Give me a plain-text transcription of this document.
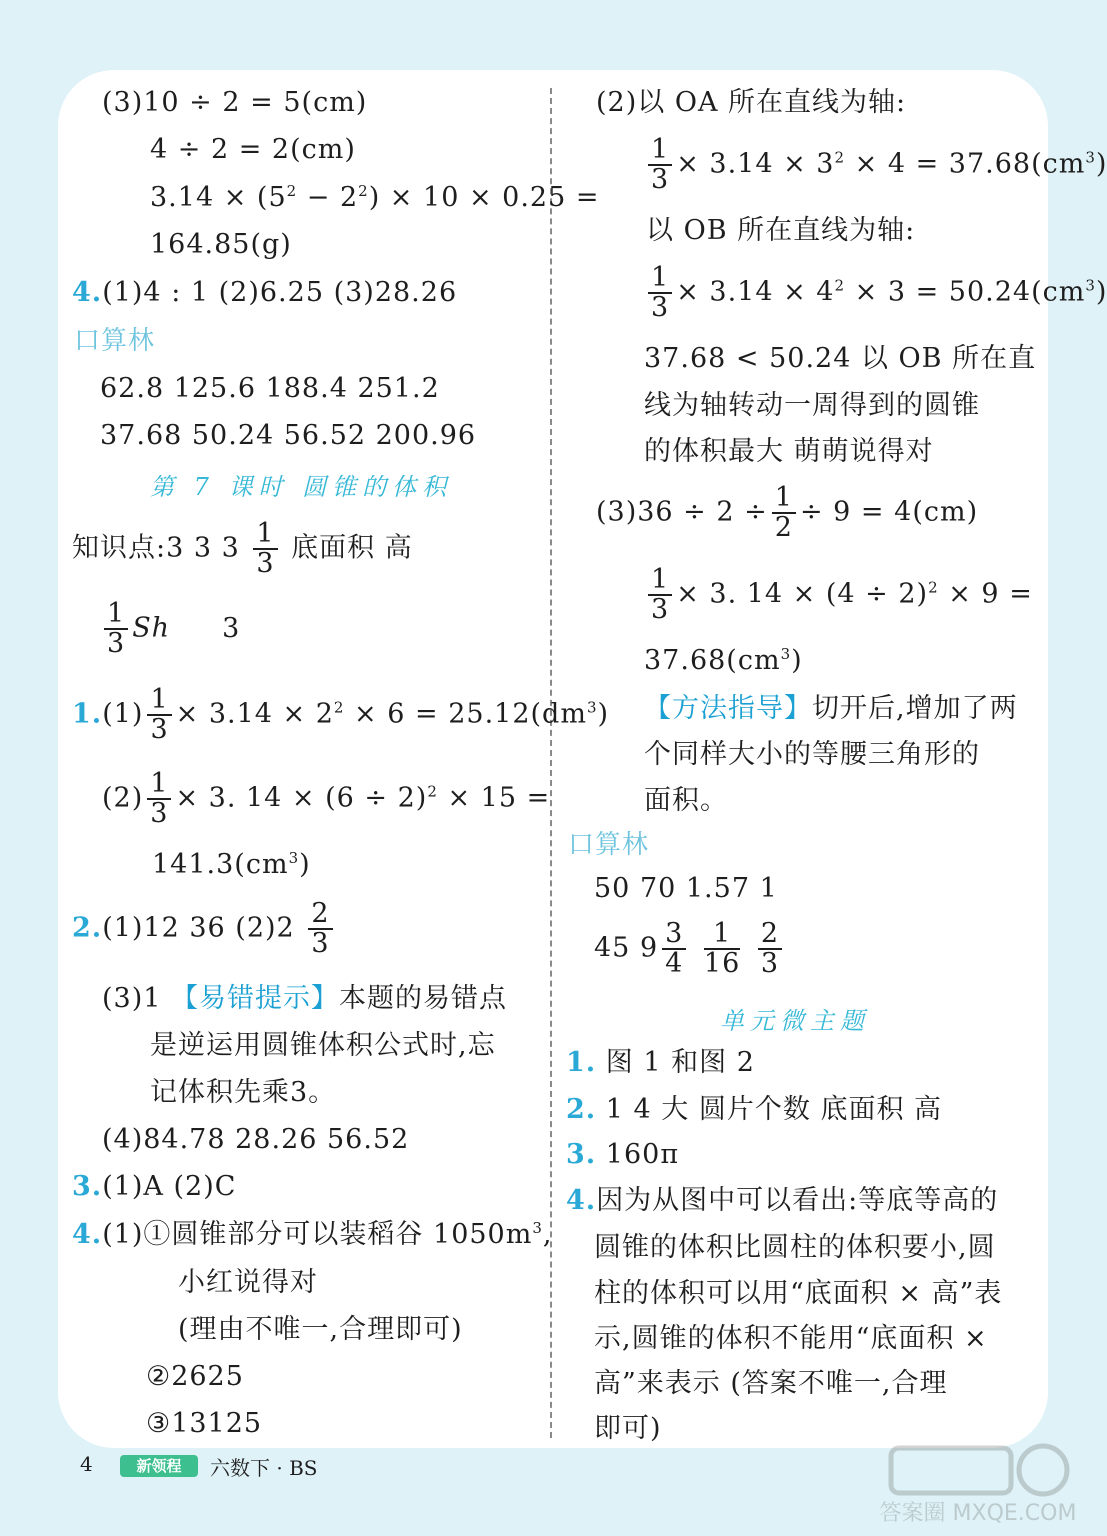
(3)10 ÷ 2 = 5(cm)
4 ÷ 2 = 2(cm)
$3.14 \times (5^2 - 2^2) \times 10 \times 0.25$ =
164.85(g)
4.(1)4 : 1 (2)6.25 (3)28.26
口算林
62.8 125.6 188.4 251.2
37.68 50.24 56.52 200.96
第 7 课时 圆锥的体积
知识点:3 3 $3 \frac{1}{3}$ 底面积 高
$\frac{1}{3}$ Sh 3
$1.(1) \frac{1}{3} \times 3.14 \times 2^2 \times 6 = 25.12(dm^3)$
$(2) \frac{1}{3} \times 3$. $14 \times (6 \div 2)^2 \times 15$ =
$141.3(cm^3)$
2.(1)12 36 $(2)2 \frac{2}{3}$
(3)1 【易错提示】本题的易错点
是逆运用圆锥体积公式时,忘
记体积先乘3。
(4)84.78 28.26 56.52
3.(1)A (2)C
4.(1)①圆锥部分可以装稻谷 $1050m^3$,
小红说得对
(理由不唯一,合理即可)
②2625
③13125
(2)以 OA 所在直线为轴:
$\frac{1}{3} \times 3.14 \times 3^2 \times 4 = 37.68(cm^3)$
以 OB 所在直线为轴:
$\frac{1}{3} \times 3.14 \times 4^2 \times 3 = 50.24(cm^3)$
37.68 < 50.24 以 OB 所在直
线为轴转动一周得到的圆锥
的体积最大 萌萌说得对
$(3)36 \div 2 \div \frac{1}{2} \div 9 = 4(cm)$
$\frac{1}{3} \times 3$. $14 \times (4 \div 2)^2 \times 9$ =
$37.68(cm^3)$
【方法指导】切开后,增加了两
个同样大小的等腰三角形的
面积。
口算林
50 70 1.57 1
45 $9 \frac{3}{4}$
$\frac{1}{16}$
$\frac{2}{3}$
单元微主题
1. 图 1 和图 2
2. 1 4 大 圆片个数 底面积 高
3. 160π
4.因为从图中可以看出:等底等高的
圆锥的体积比圆柱的体积要小,圆
柱的体积可以用“底面积 × 高”表
示,圆锥的体积不能用“底面积 ×
高”来表示 (答案不唯一,合理
即可)
4	新领程	六数下 · BS
答案圈 MXQE.COM
